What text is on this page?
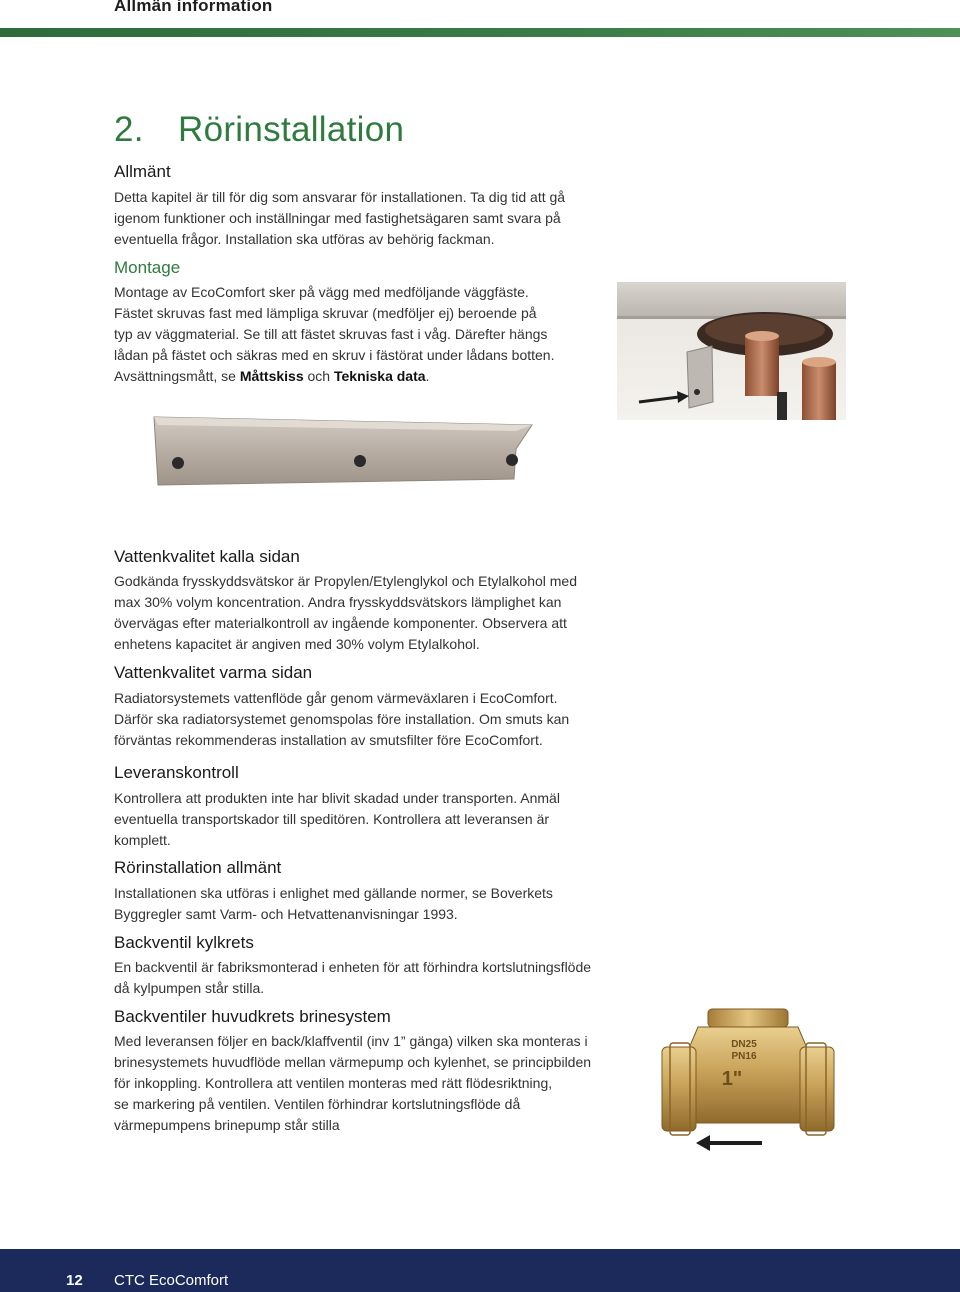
Allmän information
2. Rörinstallation
Allmänt
Detta kapitel är till för dig som ansvarar för installationen. Ta dig tid att gå
igenom funktioner och inställningar med fastighetsägaren samt svara på
eventuella frågor. Installation ska utföras av behörig fackman.
Montage
Montage av EcoComfort sker på vägg med medföljande väggfäste.
Fästet skruvas fast med lämpliga skruvar (medföljer ej) beroende på
typ av väggmaterial. Se till att fästet skruvas fast i våg. Därefter hängs
lådan på fästet och säkras med en skruv i fästörat under lådans botten.
Avsättningsmått, se Måttskiss och Tekniska data.
Vattenkvalitet kalla sidan
Godkända frysskyddsvätskor är Propylen/Etylenglykol och Etylalkohol med
max 30% volym koncentration. Andra frysskyddsvätskors lämplighet kan
övervägas efter materialkontroll av ingående komponenter. Observera att
enhetens kapacitet är angiven med 30% volym Etylalkohol.
Vattenkvalitet varma sidan
Radiatorsystemets vattenflöde går genom värmeväxlaren i EcoComfort.
Därför ska radiatorsystemet genomspolas före installation. Om smuts kan
förväntas rekommenderas installation av smutsfilter före EcoComfort.
Leveranskontroll
Kontrollera att produkten inte har blivit skadad under transporten. Anmäl
eventuella transportskador till speditören. Kontrollera att leveransen är
komplett.
Rörinstallation allmänt
Installationen ska utföras i enlighet med gällande normer, se Boverkets
Byggregler samt Varm- och Hetvattenanvisningar 1993.
Backventil kylkrets
En backventil är fabriksmonterad i enheten för att förhindra kortslutningsflöde
då kylpumpen står stilla.
Backventiler huvudkrets brinesystem
Med leveransen följer en back/klaffventil (inv 1” gänga) vilken ska monteras i
brinesystemets huvudflöde mellan värmepump och kylenhet, se principbilden
för inkoppling. Kontrollera att ventilen monteras med rätt flödesriktning,
se markering på ventilen. Ventilen förhindrar kortslutningsflöde då
värmepumpens brinepump står stilla
DN25
PN16
1"
12 CTC EcoComfort
